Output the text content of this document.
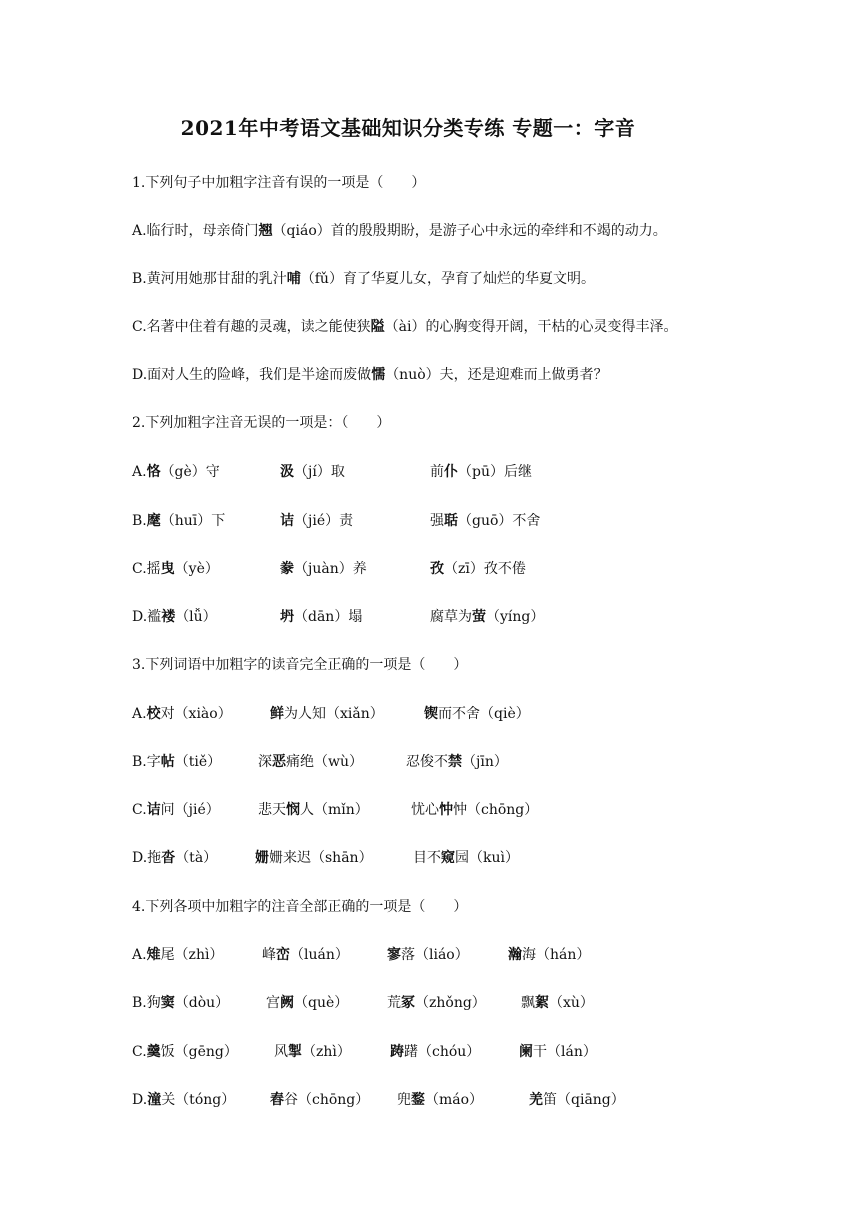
2021年中考语文基础知识分类专练 专题一：字音
1.下列句子中加粗字注音有误的一项是（　　）
A.临行时，母亲倚门翘（qiáo）首的殷殷期盼，是游子心中永远的牵绊和不竭的动力。
B.黄河用她那甘甜的乳汁哺（fǔ）育了华夏儿女，孕育了灿烂的华夏文明。
C.名著中住着有趣的灵魂，读之能使狭隘（ài）的心胸变得开阔，干枯的心灵变得丰泽。
D.面对人生的险峰，我们是半途而废做懦（nuò）夫，还是迎难而上做勇者？
2.下列加粗字注音无误的一项是：（　　）
A.恪（gè）守	汲（jí）取	前仆（pū）后继
B.麾（huī）下	诘（jié）责	强聒（guō）不舍
C.摇曳（yè）	豢（juàn）养	孜（zī）孜不倦
D.褴褛（lǚ）	坍（dān）塌	腐草为萤（yíng）
3.下列词语中加粗字的读音完全正确的一项是（　　）
A.校对（xiào）	鲜为人知（xiǎn）	锲而不舍（qiè）
B.字帖（tiě）	深恶痛绝（wù）	忍俊不禁（jīn）
C.诘问（jié）	悲天悯人（mǐn）	忧心忡忡（chōng）
D.拖沓（tà）	姗姗来迟（shān）	目不窥园（kuì）
4.下列各项中加粗字的注音全部正确的一项是（　　）
A.雉尾（zhì）	峰峦（luán）	寥落（liáo）	瀚海（hán）
B.狗窦（dòu）	宫阙（què）	荒冢（zhǒng）	飘絮（xù）
C.羹饭（gēng）	风掣（zhì）	踌躇（chóu）	阑干（lán）
D.潼关（tóng） 舂谷（chōng） 兜鍪（máo）	羌笛（qiāng）
